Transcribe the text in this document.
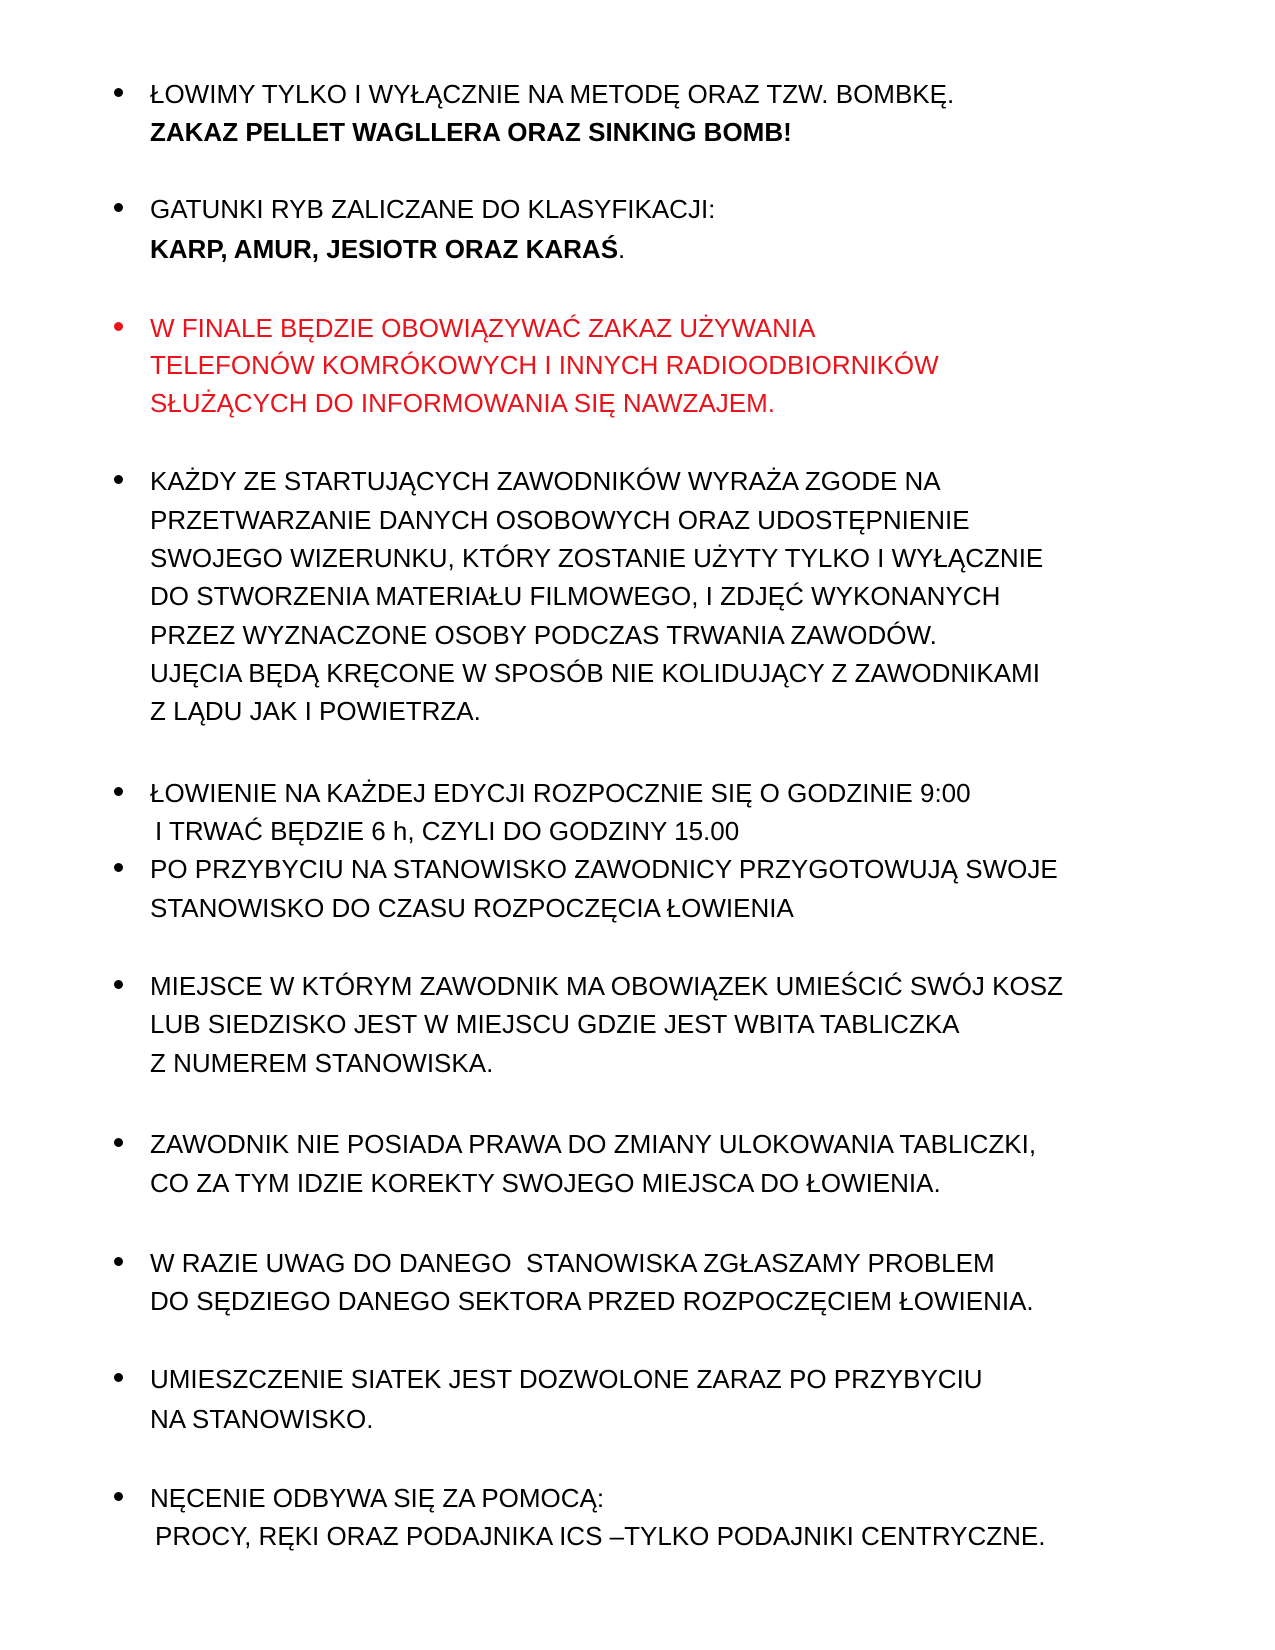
ŁOWIMY TYLKO I WYŁĄCZNIE NA METODĘ ORAZ TZW. BOMBKĘ.
ZAKAZ PELLET WAGLLERA ORAZ SINKING BOMB!
GATUNKI RYB ZALICZANE DO KLASYFIKACJI:
KARP, AMUR, JESIOTR ORAZ KARAŚ.
W FINALE BĘDZIE OBOWIĄZYWAĆ ZAKAZ UŻYWANIA
TELEFONÓW KOMRÓKOWYCH I INNYCH RADIOODBIORNIKÓW
SŁUŻĄCYCH DO INFORMOWANIA SIĘ NAWZAJEM.
KAŻDY ZE STARTUJĄCYCH ZAWODNIKÓW WYRAŻA ZGODE NA
PRZETWARZANIE DANYCH OSOBOWYCH ORAZ UDOSTĘPNIENIE
SWOJEGO WIZERUNKU, KTÓRY ZOSTANIE UŻYTY TYLKO I WYŁĄCZNIE
DO STWORZENIA MATERIAŁU FILMOWEGO, I ZDJĘĆ WYKONANYCH
PRZEZ WYZNACZONE OSOBY PODCZAS TRWANIA ZAWODÓW.
UJĘCIA BĘDĄ KRĘCONE W SPOSÓB NIE KOLIDUJĄCY Z ZAWODNIKAMI
Z LĄDU JAK I POWIETRZA.
ŁOWIENIE NA KAŻDEJ EDYCJI ROZPOCZNIE SIĘ O GODZINIE 9:00
I TRWAĆ BĘDZIE 6 h, CZYLI DO GODZINY 15.00
PO PRZYBYCIU NA STANOWISKO ZAWODNICY PRZYGOTOWUJĄ SWOJE
STANOWISKO DO CZASU ROZPOCZĘCIA ŁOWIENIA
MIEJSCE W KTÓRYM ZAWODNIK MA OBOWIĄZEK UMIEŚCIĆ SWÓJ KOSZ
LUB SIEDZISKO JEST W MIEJSCU GDZIE JEST WBITA TABLICZKA
Z NUMEREM STANOWISKA.
ZAWODNIK NIE POSIADA PRAWA DO ZMIANY ULOKOWANIA TABLICZKI,
CO ZA TYM IDZIE KOREKTY SWOJEGO MIEJSCA DO ŁOWIENIA.
W RAZIE UWAG DO DANEGO  STANOWISKA ZGŁASZAMY PROBLEM
DO SĘDZIEGO DANEGO SEKTORA PRZED ROZPOCZĘCIEM ŁOWIENIA.
UMIESZCZENIE SIATEK JEST DOZWOLONE ZARAZ PO PRZYBYCIU
NA STANOWISKO.
NĘCENIE ODBYWA SIĘ ZA POMOCĄ:
PROCY, RĘKI ORAZ PODAJNIKA ICS –TYLKO PODAJNIKI CENTRYCZNE.
